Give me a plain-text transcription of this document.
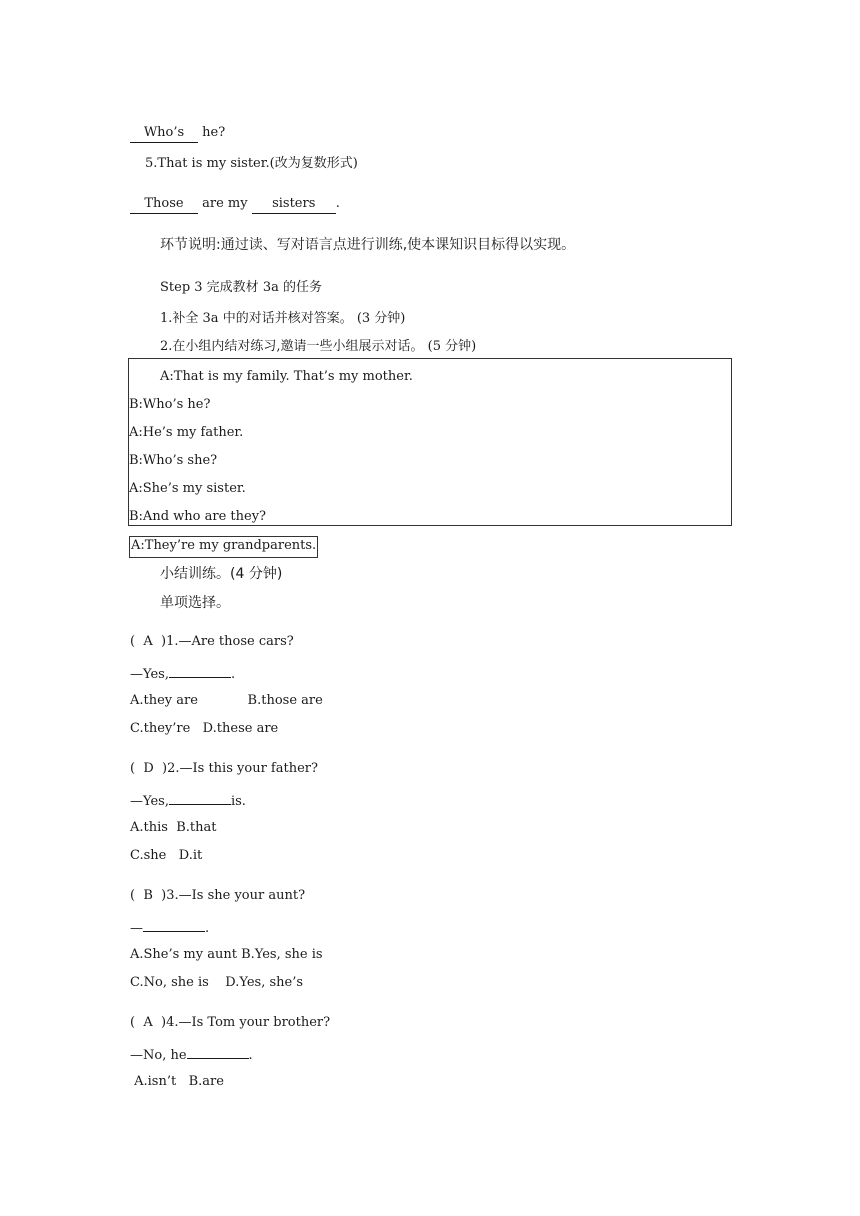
Who’s he?
5.That is my sister.(改为复数形式)
Those are my sisters .
环节说明:通过读、写对语言点进行训练,使本课知识目标得以实现。
Step 3 完成教材 3a 的任务
1.补全 3a 中的对话并核对答案。 (3 分钟)
2.在小组内结对练习,邀请一些小组展示对话。 (5 分钟)
A:That is my family. That’s my mother.
B:Who’s he?
A:He’s my father.
B:Who’s she?
A:She’s my sister.
B:And who are they?
A:They’re my grandparents.
小结训练。(4 分钟)
单项选择。
(  A )1.—Are those cars?
—Yes,	.
A.they are            B.those are
C.they’re   D.these are
(  D )2.—Is this your father?
—Yes,	is.
A.this  B.that
C.she   D.it
(  B )3.—Is she your aunt?
—	.
A.She’s my aunt B.Yes, she is
C.No, she is    D.Yes, she’s
(  A )4.—Is Tom your brother?
—No, he	.
A.isn’t   B.are
